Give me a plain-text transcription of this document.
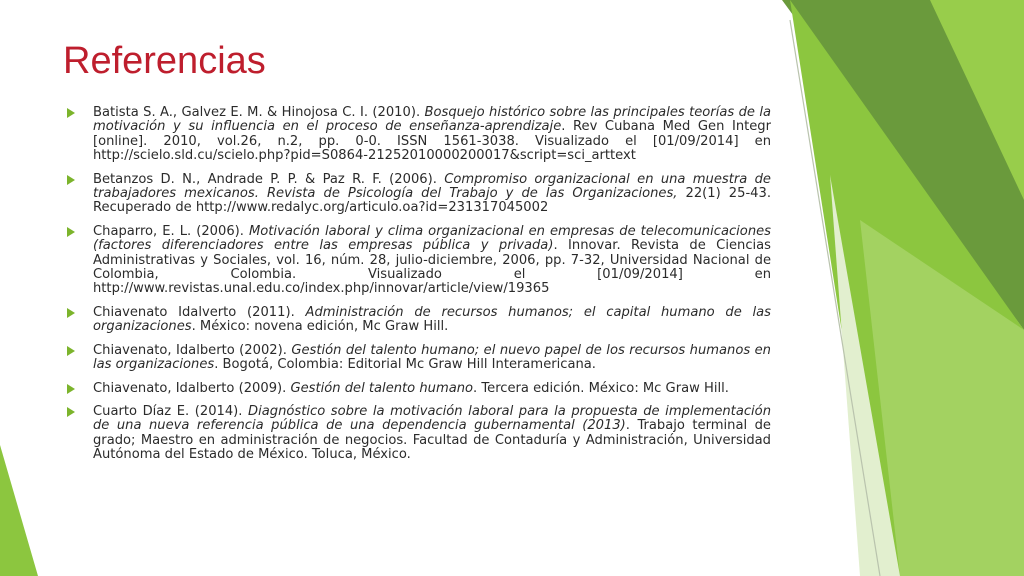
Referencias
Batista S. A., Galvez E. M. & Hinojosa C. I. (2010). Bosquejo histórico sobre las principales teorías de la motivación y su influencia en el proceso de enseñanza-aprendizaje. Rev Cubana Med Gen Integr [online]. 2010, vol.26, n.2, pp. 0-0. ISSN 1561-3038. Visualizado el [01/09/2014] en http://scielo.sld.cu/scielo.php?pid=S0864-21252010000200017&script=sci_arttext
Betanzos D. N., Andrade P. P. & Paz R. F. (2006). Compromiso organizacional en una muestra de trabajadores mexicanos. Revista de Psicología del Trabajo y de las Organizaciones, 22(1) 25-43. Recuperado de http://www.redalyc.org/articulo.oa?id=231317045002
Chaparro, E. L. (2006). Motivación laboral y clima organizacional en empresas de telecomunicaciones (factores diferenciadores entre las empresas pública y privada). Innovar. Revista de Ciencias Administrativas y Sociales, vol. 16, núm. 28, julio-diciembre, 2006, pp. 7-32, Universidad Nacional de Colombia, Colombia. Visualizado el [01/09/2014] en http://www.revistas.unal.edu.co/index.php/innovar/article/view/19365
Chiavenato Idalverto (2011). Administración de recursos humanos; el capital humano de las organizaciones. México: novena edición, Mc Graw Hill.
Chiavenato, Idalberto (2002). Gestión del talento humano; el nuevo papel de los recursos humanos en las organizaciones. Bogotá, Colombia: Editorial Mc Graw Hill Interamericana.
Chiavenato, Idalberto (2009). Gestión del talento humano. Tercera edición. México: Mc Graw Hill.
Cuarto Díaz E. (2014). Diagnóstico sobre la motivación laboral para la propuesta de implementación de una nueva referencia pública de una dependencia gubernamental (2013). Trabajo terminal de grado; Maestro en administración de negocios. Facultad de Contaduría y Administración, Universidad Autónoma del Estado de México. Toluca, México.
